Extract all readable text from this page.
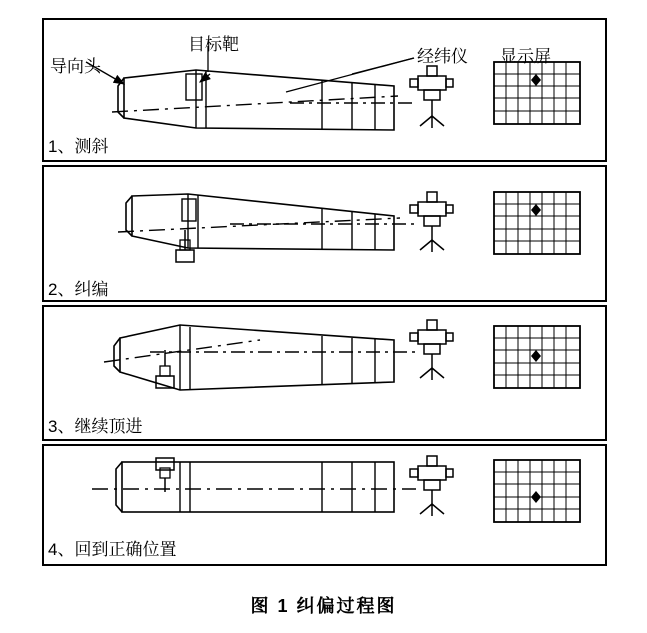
导向头
目标靶
经纬仪 显示屏
1、测斜
2、纠编
3、继续顶进
4、回到正确位置
图 1 纠偏过程图
